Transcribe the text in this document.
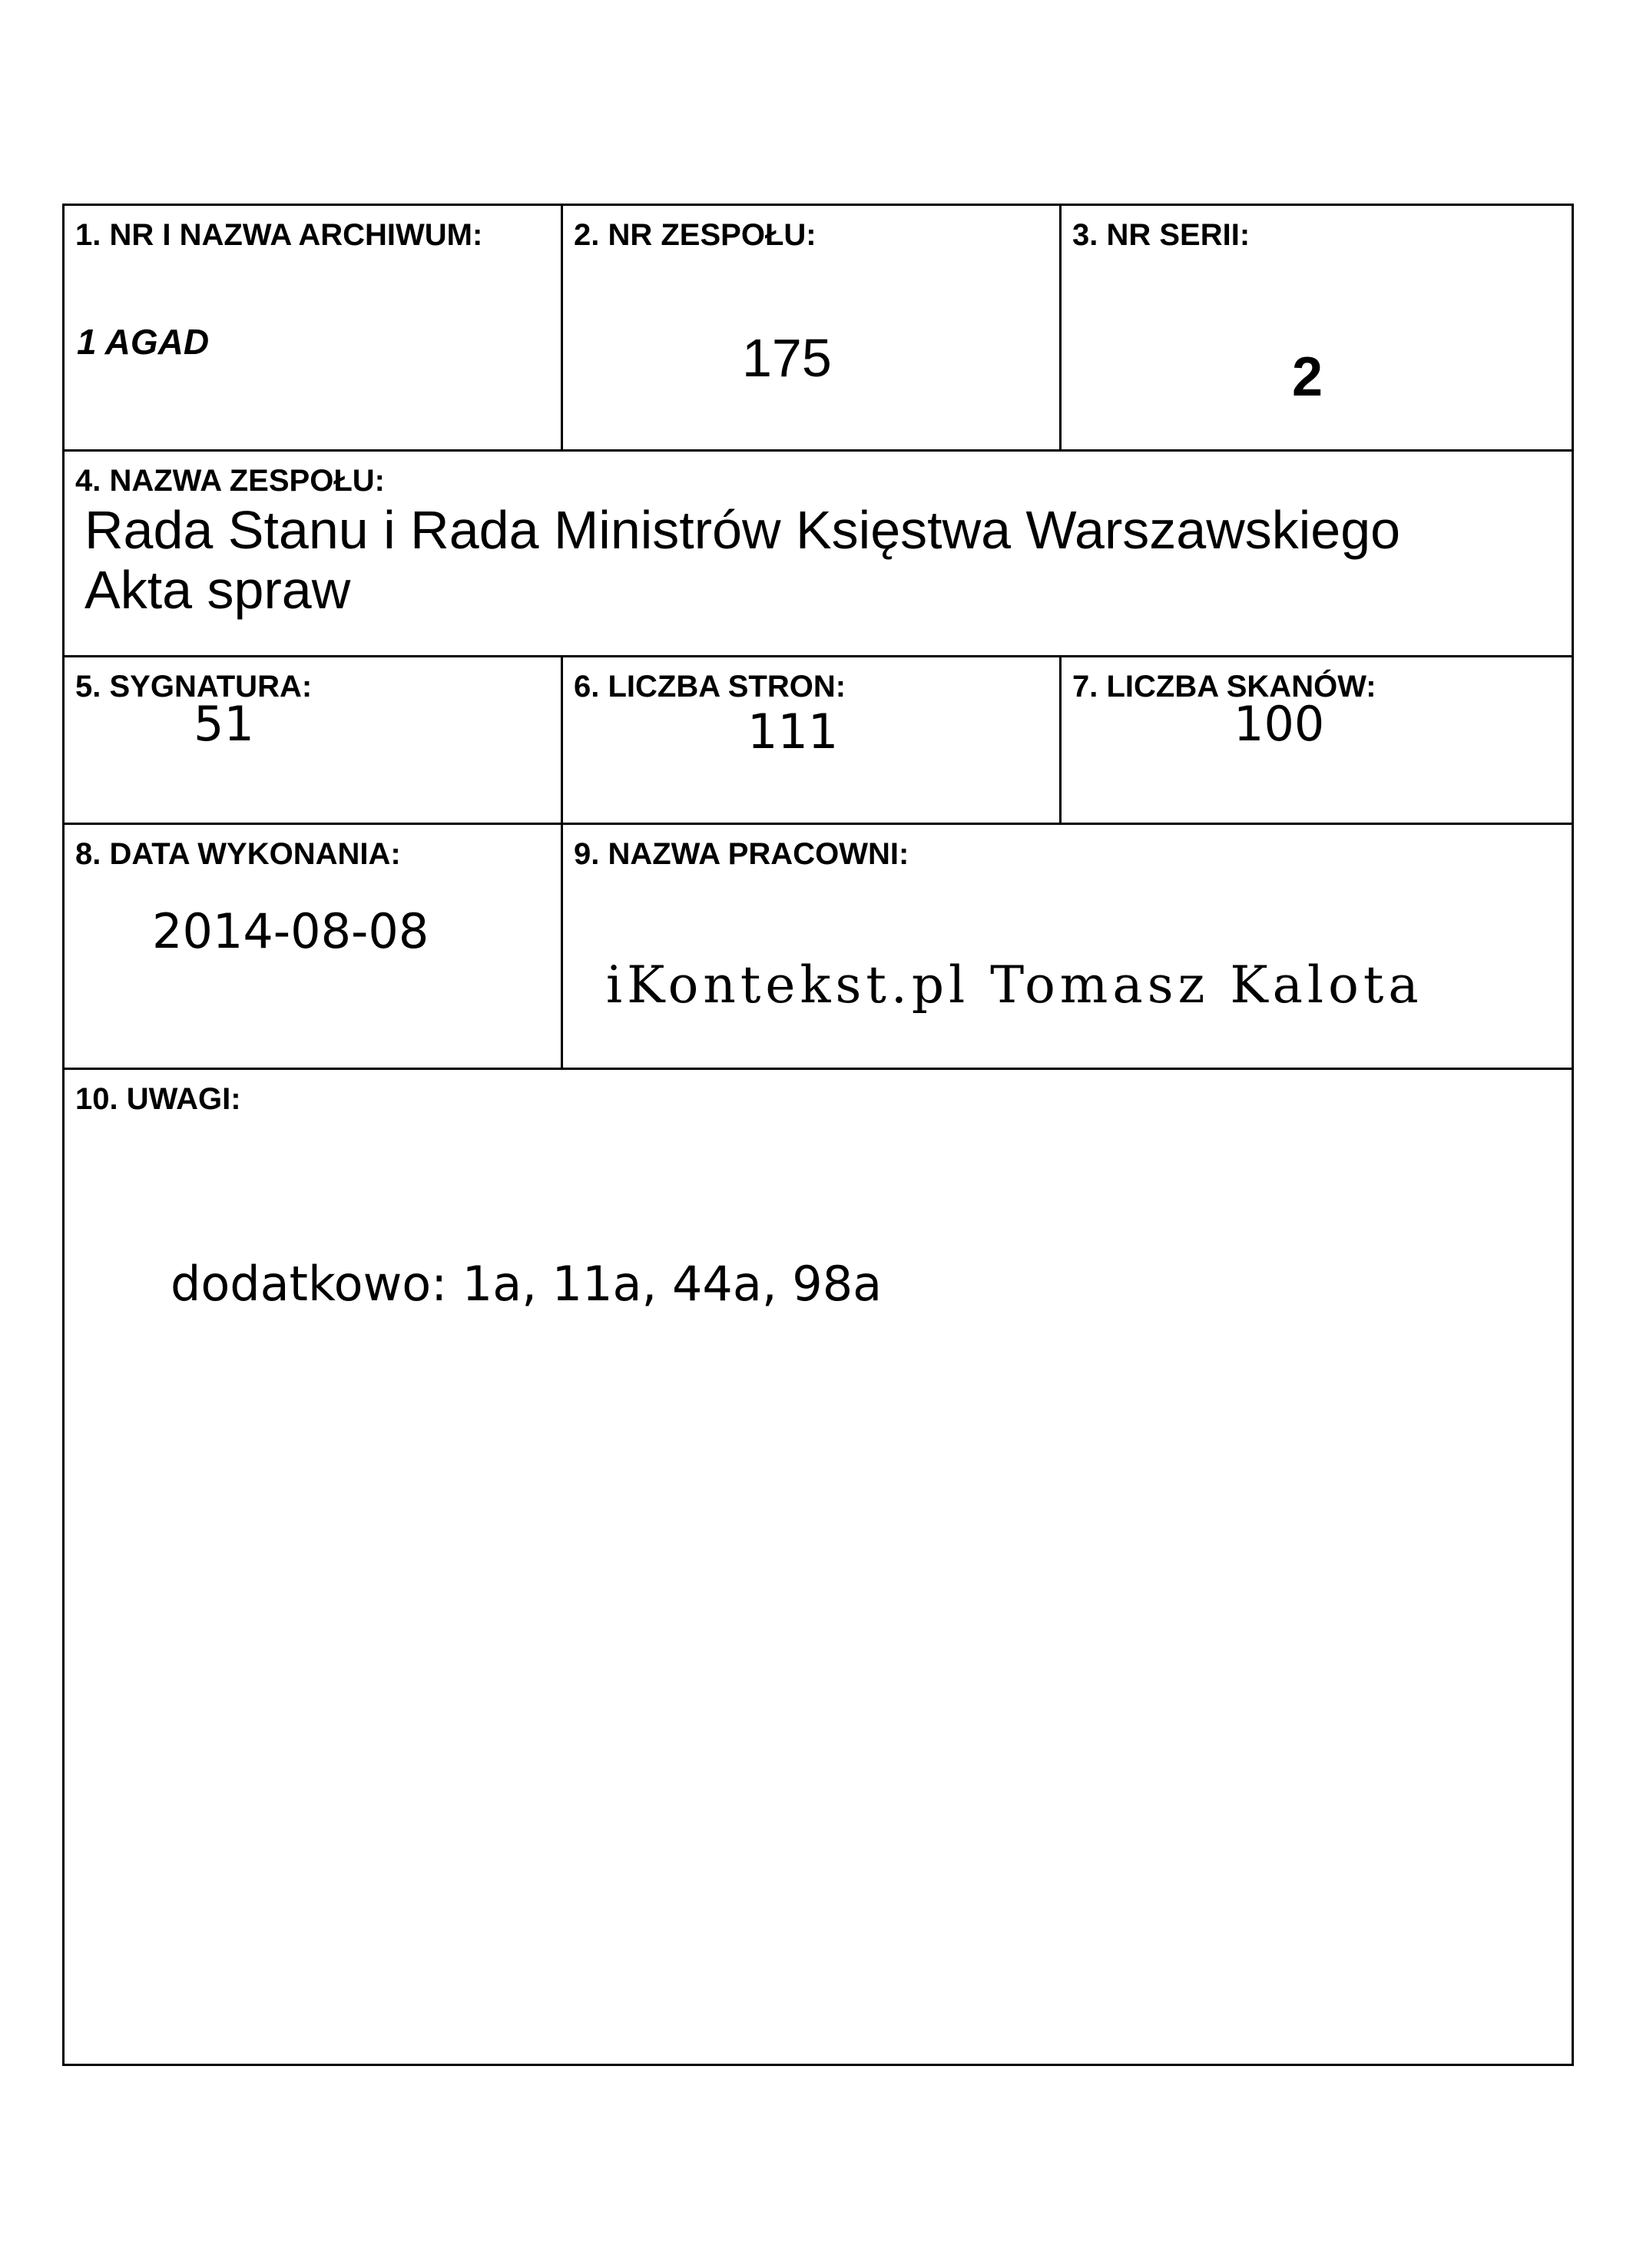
1. NR I NAZWA ARCHIWUM:
1 AGAD
2. NR ZESPOŁU:
175
3. NR SERII:
2
4. NAZWA ZESPOŁU:
Rada Stanu i Rada Ministrów Księstwa Warszawskiego
Akta spraw
5. SYGNATURA:
51
6. LICZBA STRON:
111
7. LICZBA SKANÓW:
100
8. DATA WYKONANIA:
2014-08-08
9. NAZWA PRACOWNI:
iKontekst.pl Tomasz Kalota
10. UWAGI:
dodatkowo: 1a, 11a, 44a, 98a
